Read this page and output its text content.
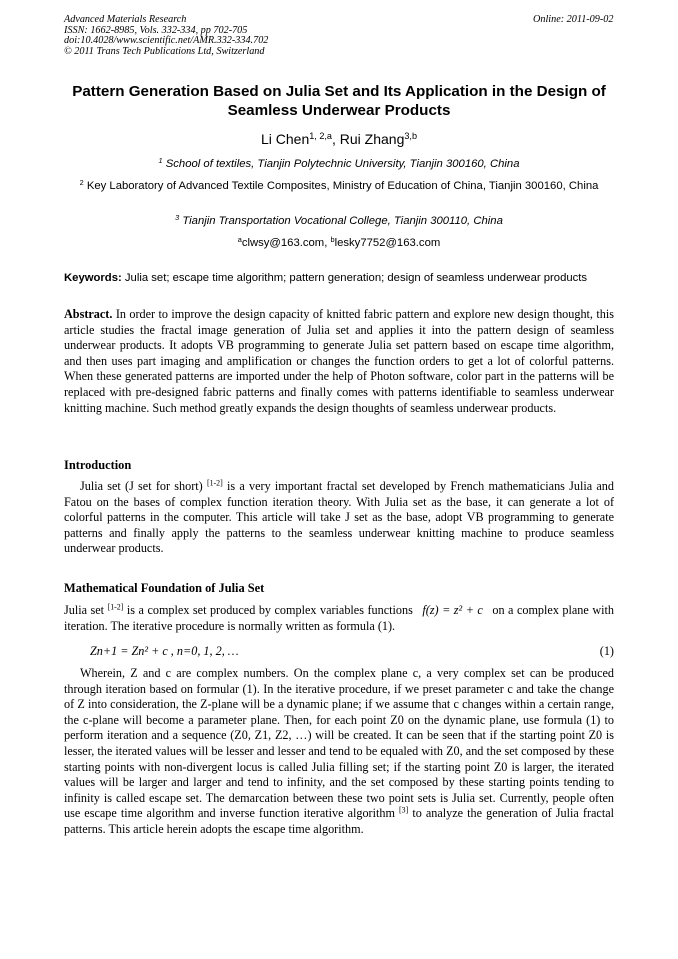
Advanced Materials Research
ISSN: 1662-8985, Vols. 332-334, pp 702-705
doi:10.4028/www.scientific.net/AMR.332-334.702
© 2011 Trans Tech Publications Ltd, Switzerland
Online: 2011-09-02
Pattern Generation Based on Julia Set and Its Application in the Design of Seamless Underwear Products
Li Chen$^{1, 2,a}$, Rui Zhang$^{3,b}$
$^1$ School of textiles, Tianjin Polytechnic University, Tianjin 300160, China
$^2$ Key Laboratory of Advanced Textile Composites, Ministry of Education of China, Tianjin 300160, China
$^3$ Tianjin Transportation Vocational College, Tianjin 300110, China
$^a$clwsy@163.com, $^b$lesky7752@163.com
Keywords: Julia set; escape time algorithm; pattern generation; design of seamless underwear products
Abstract. In order to improve the design capacity of knitted fabric pattern and explore new design thought, this article studies the fractal image generation of Julia set and applies it into the pattern design of seamless underwear products. It adopts VB programming to generate Julia set pattern based on escape time algorithm, and then uses part imaging and amplification or changes the function orders to get a lot of colorful patterns. When these generated patterns are imported under the help of Photon software, color part in the patterns will be replaced with pre-designed fabric patterns and finally comes with patterns identifiable to seamless underwear knitting machine. Such method greatly expands the design thoughts of seamless underwear products.
Introduction
Julia set (J set for short) [1-2] is a very important fractal set developed by French mathematicians Julia and Fatou on the bases of complex function iteration theory. With Julia set as the base, it can generate a lot of colorful patterns in the computer. This article will take J set as the base, adopt VB programming to generate patterns and finally apply the patterns to the seamless underwear knitting machine to produce seamless underwear products.
Mathematical Foundation of Julia Set
Julia set [1-2] is a complex set produced by complex variables functions f(z) = z² + c on a complex plane with iteration. The iterative procedure is normally written as formula (1).
Zn+1 = Zn² + c , n=0, 1, 2, …	(1)
Wherein, Z and c are complex numbers. On the complex plane c, a very complex set can be produced through iteration based on formular (1). In the iterative procedure, if we preset parameter c and take the change of Z into consideration, the Z-plane will be a dynamic plane; if we assume that c changes within a certain range, the c-plane will become a parameter plane. Then, for each point Z0 on the dynamic plane, use formula (1) to perform iteration and a sequence (Z0, Z1, Z2, …) will be created. It can be seen that if the starting point Z0 is lesser, the iterated values will be lesser and lesser and tend to be equaled with Z0, and the set composed by these starting points with non-divergent locus is called Julia filling set; if the starting point Z0 is larger, the iterated values will be larger and larger and tend to infinity, and the set composed by these starting points tending to infinity is called escape set. The demarcation between these two point sets is Julia set. Currently, people often use escape time algorithm and inverse function iterative algorithm [3] to analyze the generation of Julia fractal patterns. This article herein adopts the escape time algorithm.
